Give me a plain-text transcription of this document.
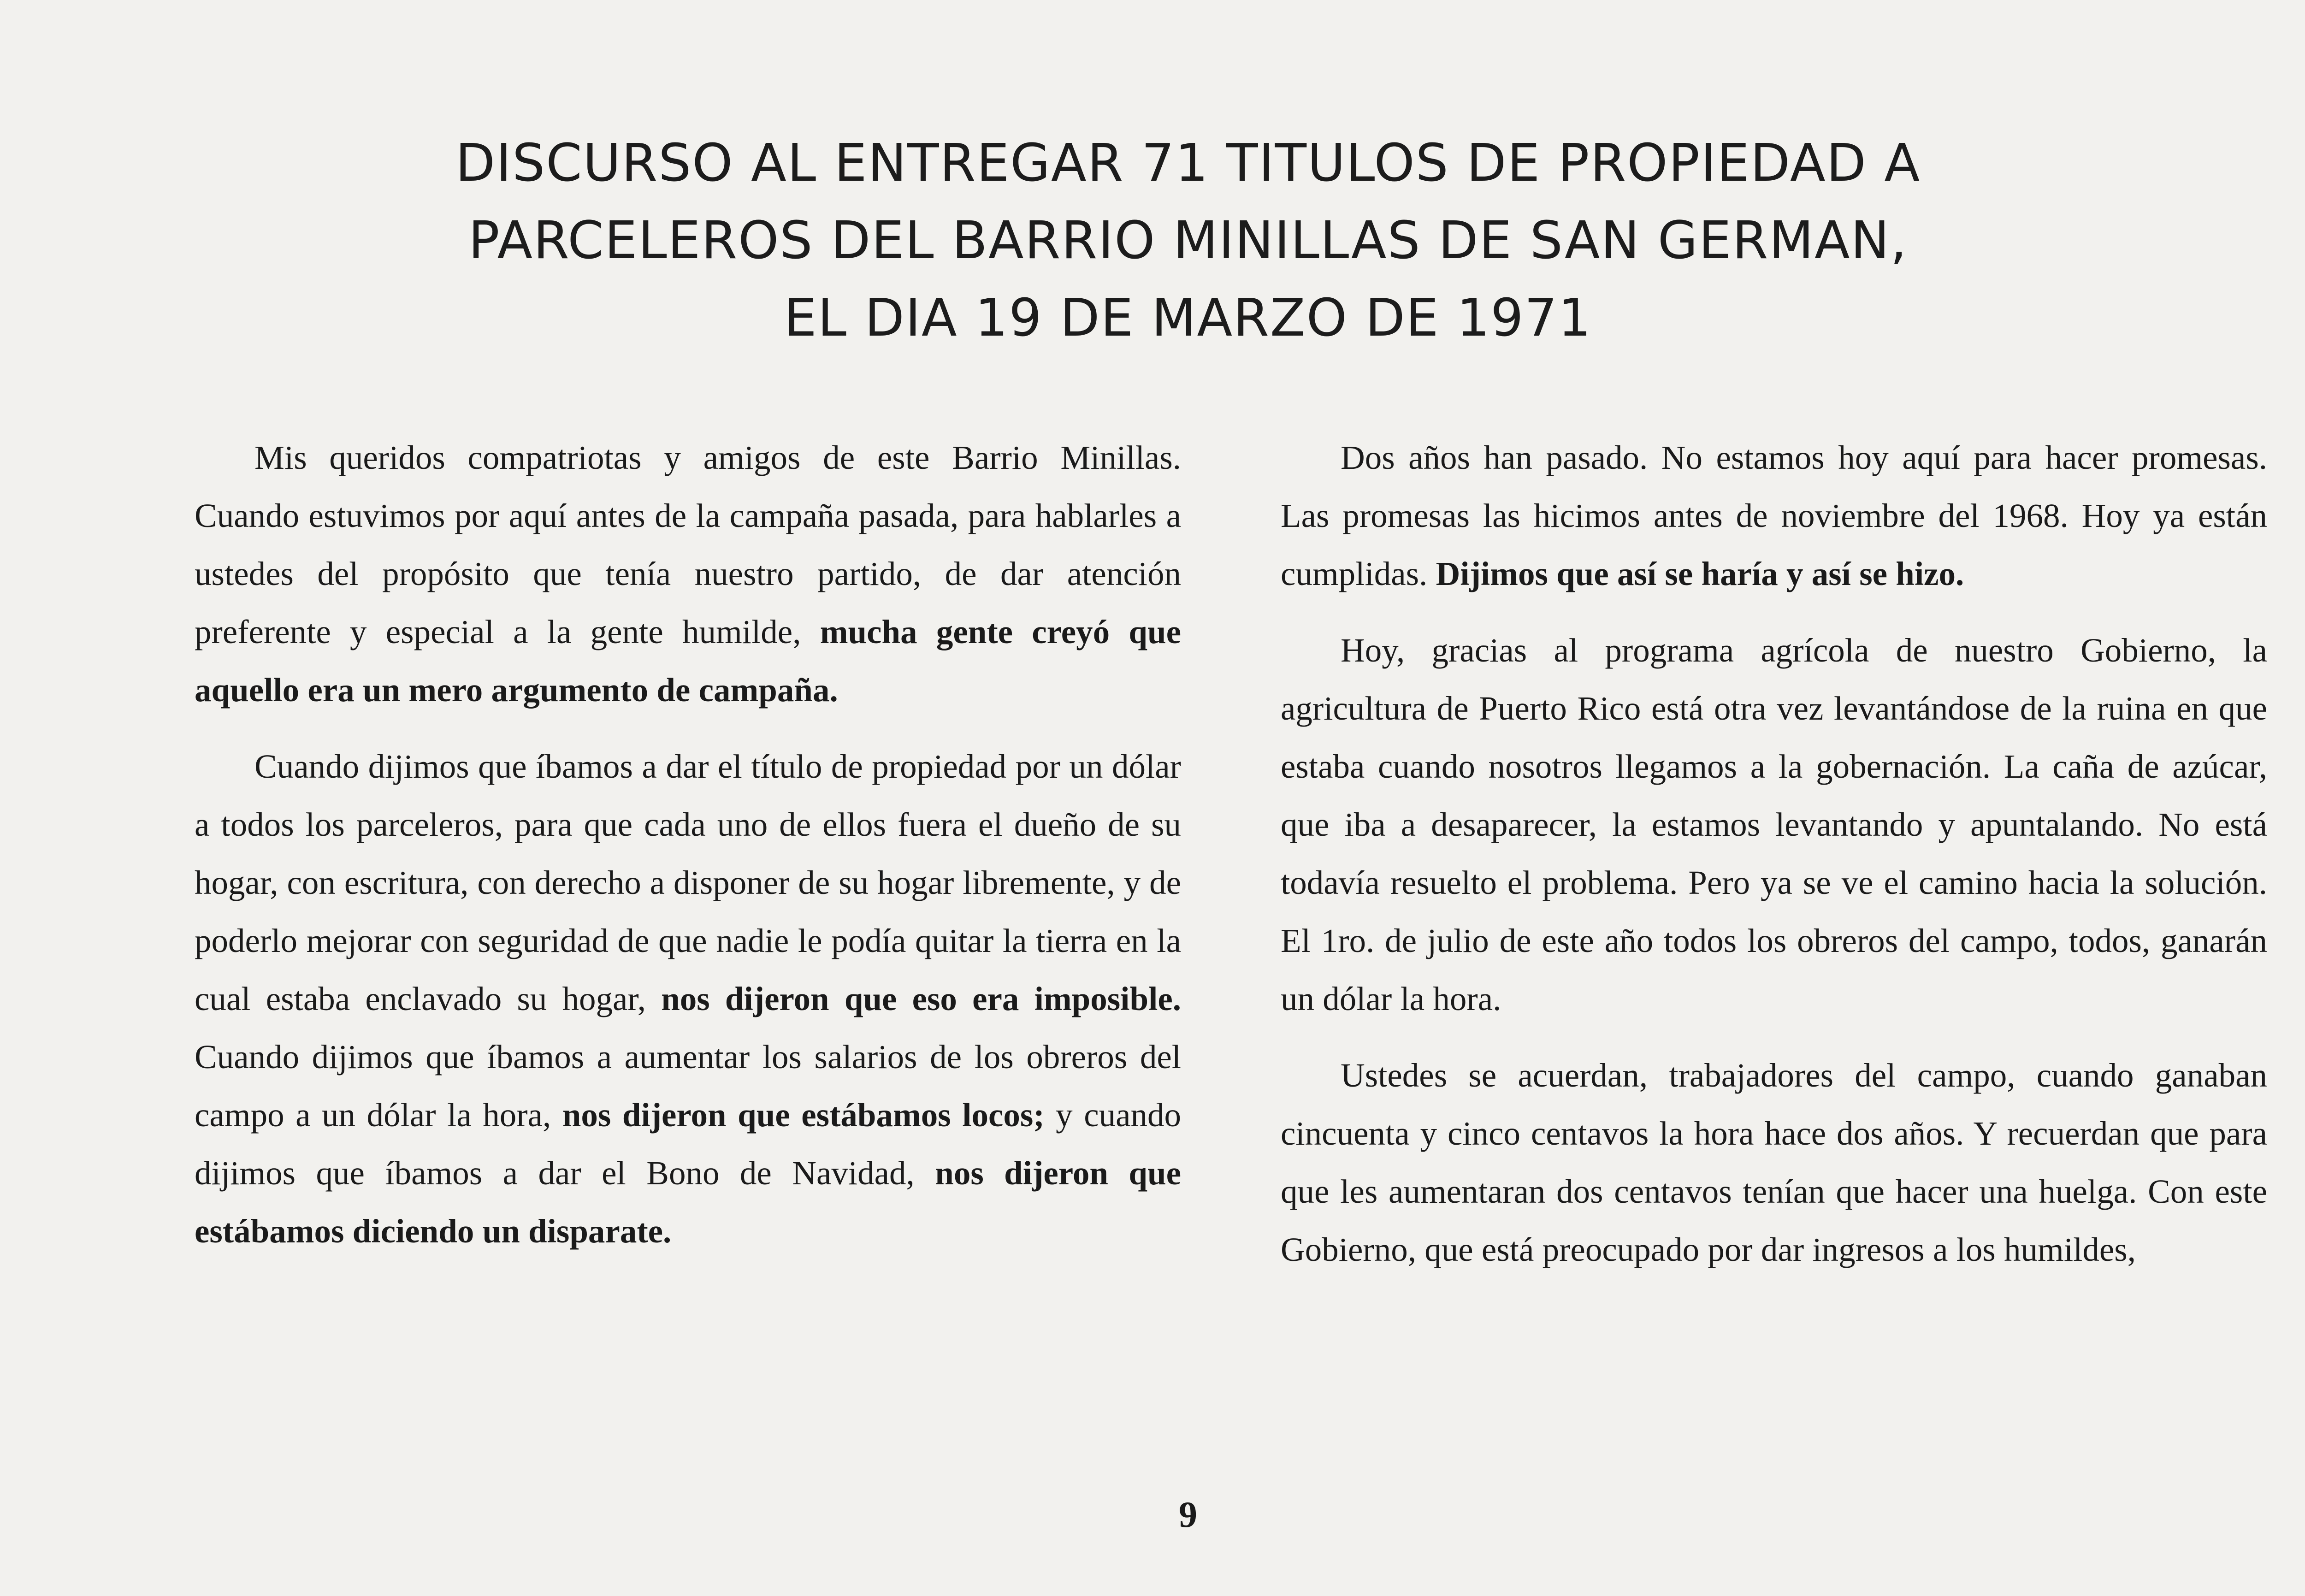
DISCURSO AL ENTREGAR 71 TITULOS DE PROPIEDAD A
PARCELEROS DEL BARRIO MINILLAS DE SAN GERMAN,
EL DIA 19 DE MARZO DE 1971

Mis queridos compatriotas y amigos de este Barrio Minillas. Cuando estuvimos por aquí antes de la campaña pasada, para hablarles a ustedes del propósito que tenía nuestro partido, de dar atención preferente y especial a la gente humilde, mucha gente creyó que aquello era un mero argumento de campaña.

Cuando dijimos que íbamos a dar el título de propiedad por un dólar a todos los parceleros, para que cada uno de ellos fuera el dueño de su hogar, con escritura, con derecho a disponer de su hogar libremente, y de poderlo mejorar con seguridad de que nadie le podía quitar la tierra en la cual estaba enclavado su hogar, nos dijeron que eso era imposible. Cuando dijimos que íbamos a aumentar los salarios de los obreros del campo a un dólar la hora, nos dijeron que estábamos locos; y cuando dijimos que íbamos a dar el Bono de Navidad, nos dijeron que estábamos diciendo un disparate.

Dos años han pasado. No estamos hoy aquí para hacer promesas. Las promesas las hicimos antes de noviembre del 1968. Hoy ya están cumplidas. Dijimos que así se haría y así se hizo.

Hoy, gracias al programa agrícola de nuestro Gobierno, la agricultura de Puerto Rico está otra vez levantándose de la ruina en que estaba cuando nosotros llegamos a la gobernación. La caña de azúcar, que iba a desaparecer, la estamos levantando y apuntalando. No está todavía resuelto el problema. Pero ya se ve el camino hacia la solución. El 1ro. de julio de este año todos los obreros del campo, todos, ganarán un dólar la hora.

Ustedes se acuerdan, trabajadores del campo, cuando ganaban cincuenta y cinco centavos la hora hace dos años. Y recuerdan que para que les aumentaran dos centavos tenían que hacer una huelga. Con este Gobierno, que está preocupado por dar ingresos a los humildes,

9
